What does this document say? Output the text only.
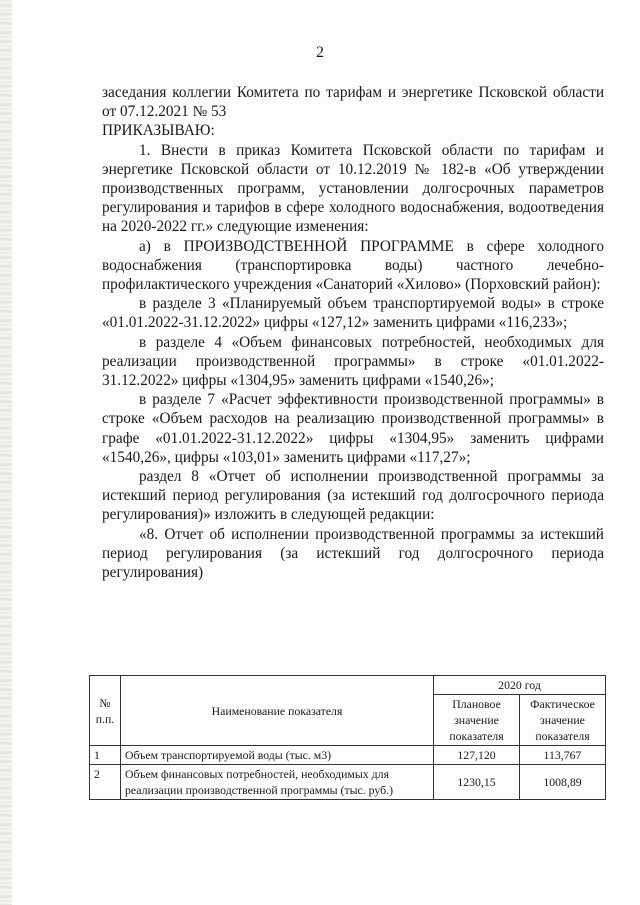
2

заседания коллегии Комитета по тарифам и энергетике Псковской области от 07.12.2021 № 53

ПРИКАЗЫВАЮ:

1. Внести в приказ Комитета Псковской области по тарифам и энергетике Псковской области от 10.12.2019 № 182-в «Об утверждении производственных программ, установлении долгосрочных параметров регулирования и тарифов в сфере холодного водоснабжения, водоотведения на 2020-2022 гг.» следующие изменения:

а) в ПРОИЗВОДСТВЕННОЙ ПРОГРАММЕ в сфере холодного водоснабжения (транспортировка воды) частного лечебно-профилактического учреждения «Санаторий «Хилово» (Порховский район):

в разделе 3 «Планируемый объем транспортируемой воды» в строке «01.01.2022-31.12.2022» цифры «127,12» заменить цифрами «116,233»;

в разделе 4 «Объем финансовых потребностей, необходимых для реализации производственной программы» в строке «01.01.2022-31.12.2022» цифры «1304,95» заменить цифрами «1540,26»;

в разделе 7 «Расчет эффективности производственной программы» в строке «Объем расходов на реализацию производственной программы» в графе «01.01.2022-31.12.2022» цифры «1304,95» заменить цифрами «1540,26», цифры «103,01» заменить цифрами «117,27»;

раздел 8 «Отчет об исполнении производственной программы за истекший период регулирования (за истекший год долгосрочного периода регулирования)» изложить в следующей редакции:

«8. Отчет об исполнении производственной программы за истекший период регулирования (за истекший год долгосрочного периода регулирования)

№ п.п.	Наименование показателя	2020 год	
		Плановое значение показателя	Фактическое значение показателя
1	Объем транспортируемой воды (тыс. м3)	127,120	113,767
2	Объем финансовых потребностей, необходимых для реализации производственной программы (тыс. руб.)	1230,15	1008,89
